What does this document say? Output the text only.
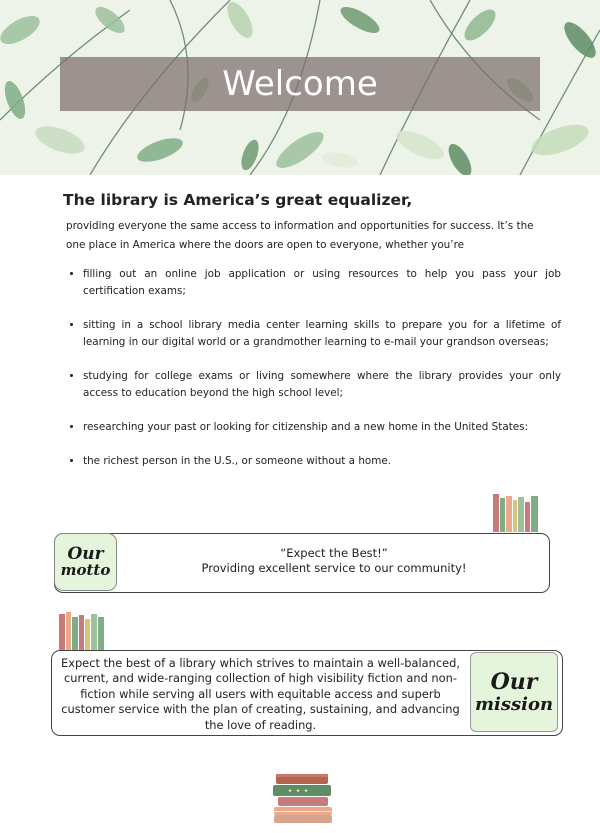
Welcome
The library is America’s great equalizer,

providing everyone the same access to information and opportunities for success. It’s the one place in America where the doors are open to everyone, whether you’re

• filling out an online job application or using resources to help you pass your job certification exams;
• sitting in a school library media center learning skills to prepare you for a lifetime of learning in our digital world or a grandmother learning to e-mail your grandson overseas;
• studying for college exams or living somewhere where the library provides your only access to education beyond the high school level;
• researching your past or looking for citizenship and a new home in the United States:
• the richest person in the U.S., or someone without a home.
Our
motto
“Expect the Best!”
Providing excellent service to our community!

Expect the best of a library which strives to maintain a well-balanced, current, and wide-ranging collection of high visibility fiction and non-fiction while serving all users with equitable access and superb customer service with the plan of creating, sustaining, and advancing the love of reading.

Our
mission
